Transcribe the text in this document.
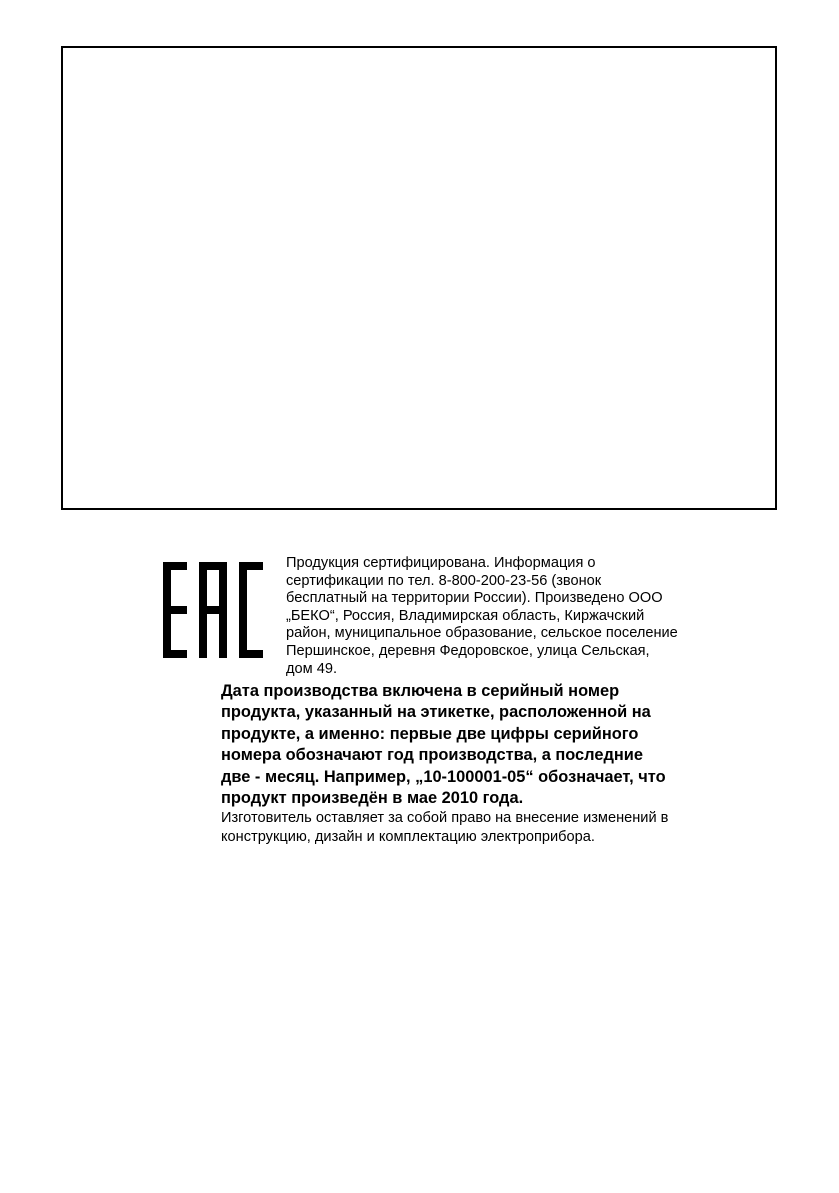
Продукция сертифицирована. Информация о
сертификации по тел. 8-800-200-23-56 (звонок
бесплатный на территории России). Произведено ООО
„БЕКО“, Россия, Владимирская область, Киржачский
район, муниципальное образование, сельское поселение
Першинское, деревня Федоровское, улица Сельская,
дом 49.

Дата производства включена в серийный номер
продукта, указанный на этикетке, расположенной на
продукте, а именно: первые две цифры серийного
номера обозначают год производства, а последние
две - месяц. Например, „10-100001-05“ обозначает, что
продукт произведён в мае 2010 года.

Изготовитель оставляет за собой право на внесение изменений в
конструкцию, дизайн и комплектацию электроприбора.
